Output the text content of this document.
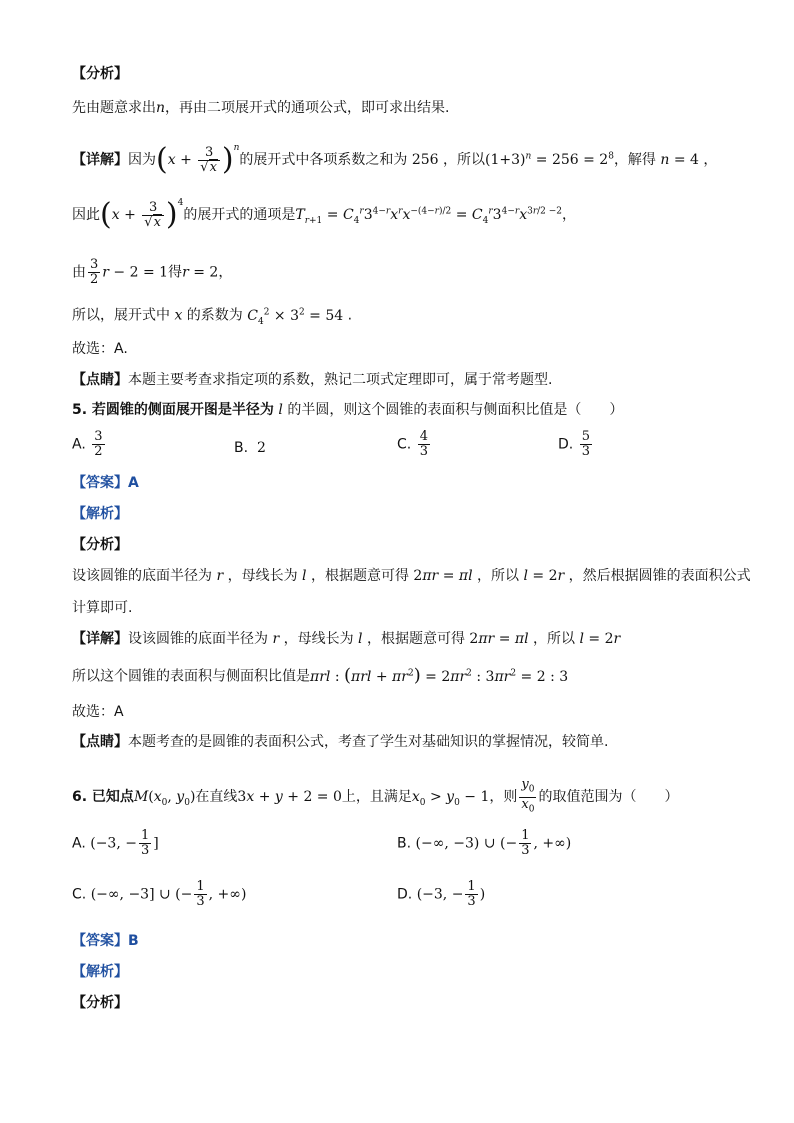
【分析】
先由题意求出n，再由二项展开式的通项公式，即可求出结果.
【详解】因为$(x + \frac{3}{√x} )^n$的展开式中各项系数之和为 256 ，所以$(1+3)^n = 256 = 2^8$，解得 n = 4 ，
因此$(x + \frac{3}{√x} )^4$的展开式的通项是$T_{r+1} = C_4^r3^{4-r}x^rx^{-(4-r)/2} = C_4^r3^{4-r}x^{3r/2 -2}$，
由 $\frac{3}{2}$ r − 2 = 1得r = 2，
所以，展开式中 x 的系数为 $C_4^2 \times 3^2 = 54$ .
故选：A.
【点睛】本题主要考查求指定项的系数，熟记二项式定理即可，属于常考题型.
5. 若圆锥的侧面展开图是半径为 l 的半圆，则这个圆锥的表面积与侧面积比值是（　　）
A. $\frac{3}{2}$	B. 2	C. $\frac{4}{3}$	D. $\frac{5}{3}$
【答案】A
【解析】
【分析】
设该圆锥的底面半径为 r ，母线长为 l ，根据题意可得 2πr = πl ，所以 l = 2r ，然后根据圆锥的表面积公式
计算即可.
【详解】设该圆锥的底面半径为 r ，母线长为 l ，根据题意可得 2πr = πl ，所以 l = 2r
所以这个圆锥的表面积与侧面积比值是πrl : $(\pi rl + \pi r^2) = 2\pi r^2$ : $3\pi r^2 = 2$ : 3
故选：A
【点睛】本题考查的是圆锥的表面积公式，考查了学生对基础知识的掌握情况，较简单.
6. 已知点$M(x_0$, $y_0$)在直线3x + y + 2 = 0上，且满足$x_0 > y_0 - 1$，则 $\frac{y_0}{x_0}$ 的取值范围为（　　）
A. (−3, − $\frac{1}{3}$ ]	B. (−∞, −3) ∪ (− $\frac{1}{3}$ , +∞)
C. (−∞, −3] ∪ (− $\frac{1}{3}$ , +∞)	D. (−3, − $\frac{1}{3}$ )
【答案】B
【解析】
【分析】
